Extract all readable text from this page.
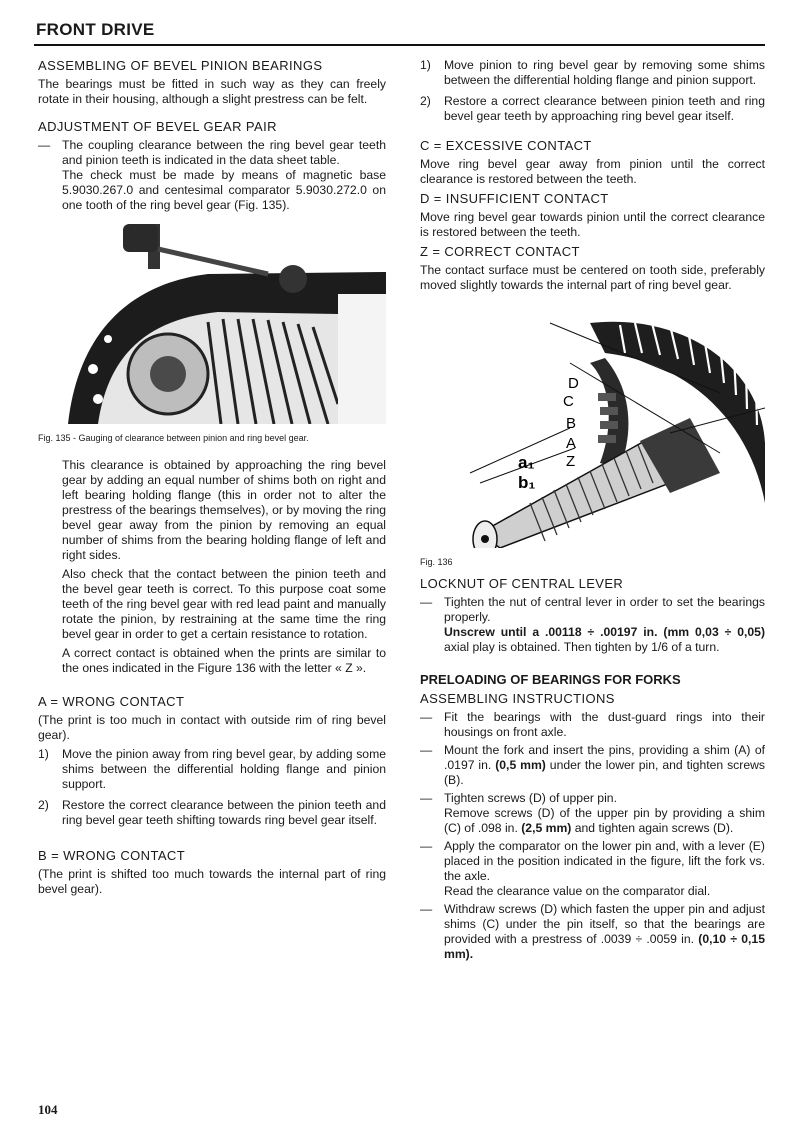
FRONT DRIVE
ASSEMBLING OF BEVEL PINION BEARINGS

The bearings must be fitted in such way as they can freely rotate in their housing, although a slight prestress can be felt.

ADJUSTMENT OF BEVEL GEAR PAIR
— The coupling clearance between the ring bevel gear teeth and pinion teeth is indicated in the data sheet table.
The check must be made by means of magnetic base 5.9030.267.0 and centesimal comparator 5.9030.272.0 on one tooth of the ring bevel gear (Fig. 135).
Fig. 135 - Gauging of clearance between pinion and ring bevel gear.

This clearance is obtained by approaching the ring bevel gear by adding an equal number of shims both on right and left bearing holding flange (this in order not to alter the prestress of the bearings themselves), or by moving the ring bevel gear away from the pinion by removing an equal number of shims from the bearing holding flange of left and right sides.

Also check that the contact between the pinion teeth and the bevel gear teeth is correct. To this purpose coat some teeth of the ring bevel gear with red lead paint and manually rotate the pinion, by restraining at the same time the ring bevel gear in order to get a certain resistance to rotation.

A correct contact is obtained when the prints are similar to the ones indicated in the Figure 136 with the letter « Z ».

A = WRONG CONTACT

(The print is too much in contact with outside rim of ring bevel gear).

1) Move the pinion away from ring bevel gear, by adding some shims between the differential holding flange and pinion support.
2) Restore the correct clearance between the pinion teeth and ring bevel gear teeth shifting towards ring bevel gear itself.
B = WRONG CONTACT

(The print is shifted too much towards the internal part of ring bevel gear).

1) Move pinion to ring bevel gear by removing some shims between the differential holding flange and pinion support.
2) Restore a correct clearance between pinion teeth and ring bevel gear teeth by approaching ring bevel gear itself.
C = EXCESSIVE CONTACT

Move ring bevel gear away from pinion until the correct clearance is restored between the teeth.

D = INSUFFICIENT CONTACT

Move ring bevel gear towards pinion until the correct clearance is restored between the teeth.

Z = CORRECT CONTACT

The contact surface must be centered on tooth side, preferably moved slightly towards the internal part of ring bevel gear.

D
C
B
A
Z
a₁
b₁
a₂
b₂
Fig. 136
LOCKNUT OF CENTRAL LEVER
— Tighten the nut of central lever in order to set the bearings properly.
Unscrew until a .00118 ÷ .00197 in. (mm 0,03 ÷ 0,05) axial play is obtained. Then tighten by 1/6 of a turn.
PRELOADING OF BEARINGS FOR FORKS
ASSEMBLING INSTRUCTIONS
— Fit the bearings with the dust-guard rings into their housings on front axle.
— Mount the fork and insert the pins, providing a shim (A) of .0197 in. (0,5 mm) under the lower pin, and tighten screws (B).
— Tighten screws (D) of upper pin.
Remove screws (D) of the upper pin by providing a shim (C) of .098 in. (2,5 mm) and tighten again screws (D).
— Apply the comparator on the lower pin and, with a lever (E) placed in the position indicated in the figure, lift the fork vs. the axle.
Read the clearance value on the comparator dial.
— Withdraw screws (D) which fasten the upper pin and adjust shims (C) under the pin itself, so that the bearings are provided with a prestress of .0039 ÷ .0059 in. (0,10 ÷ 0,15 mm).
104
